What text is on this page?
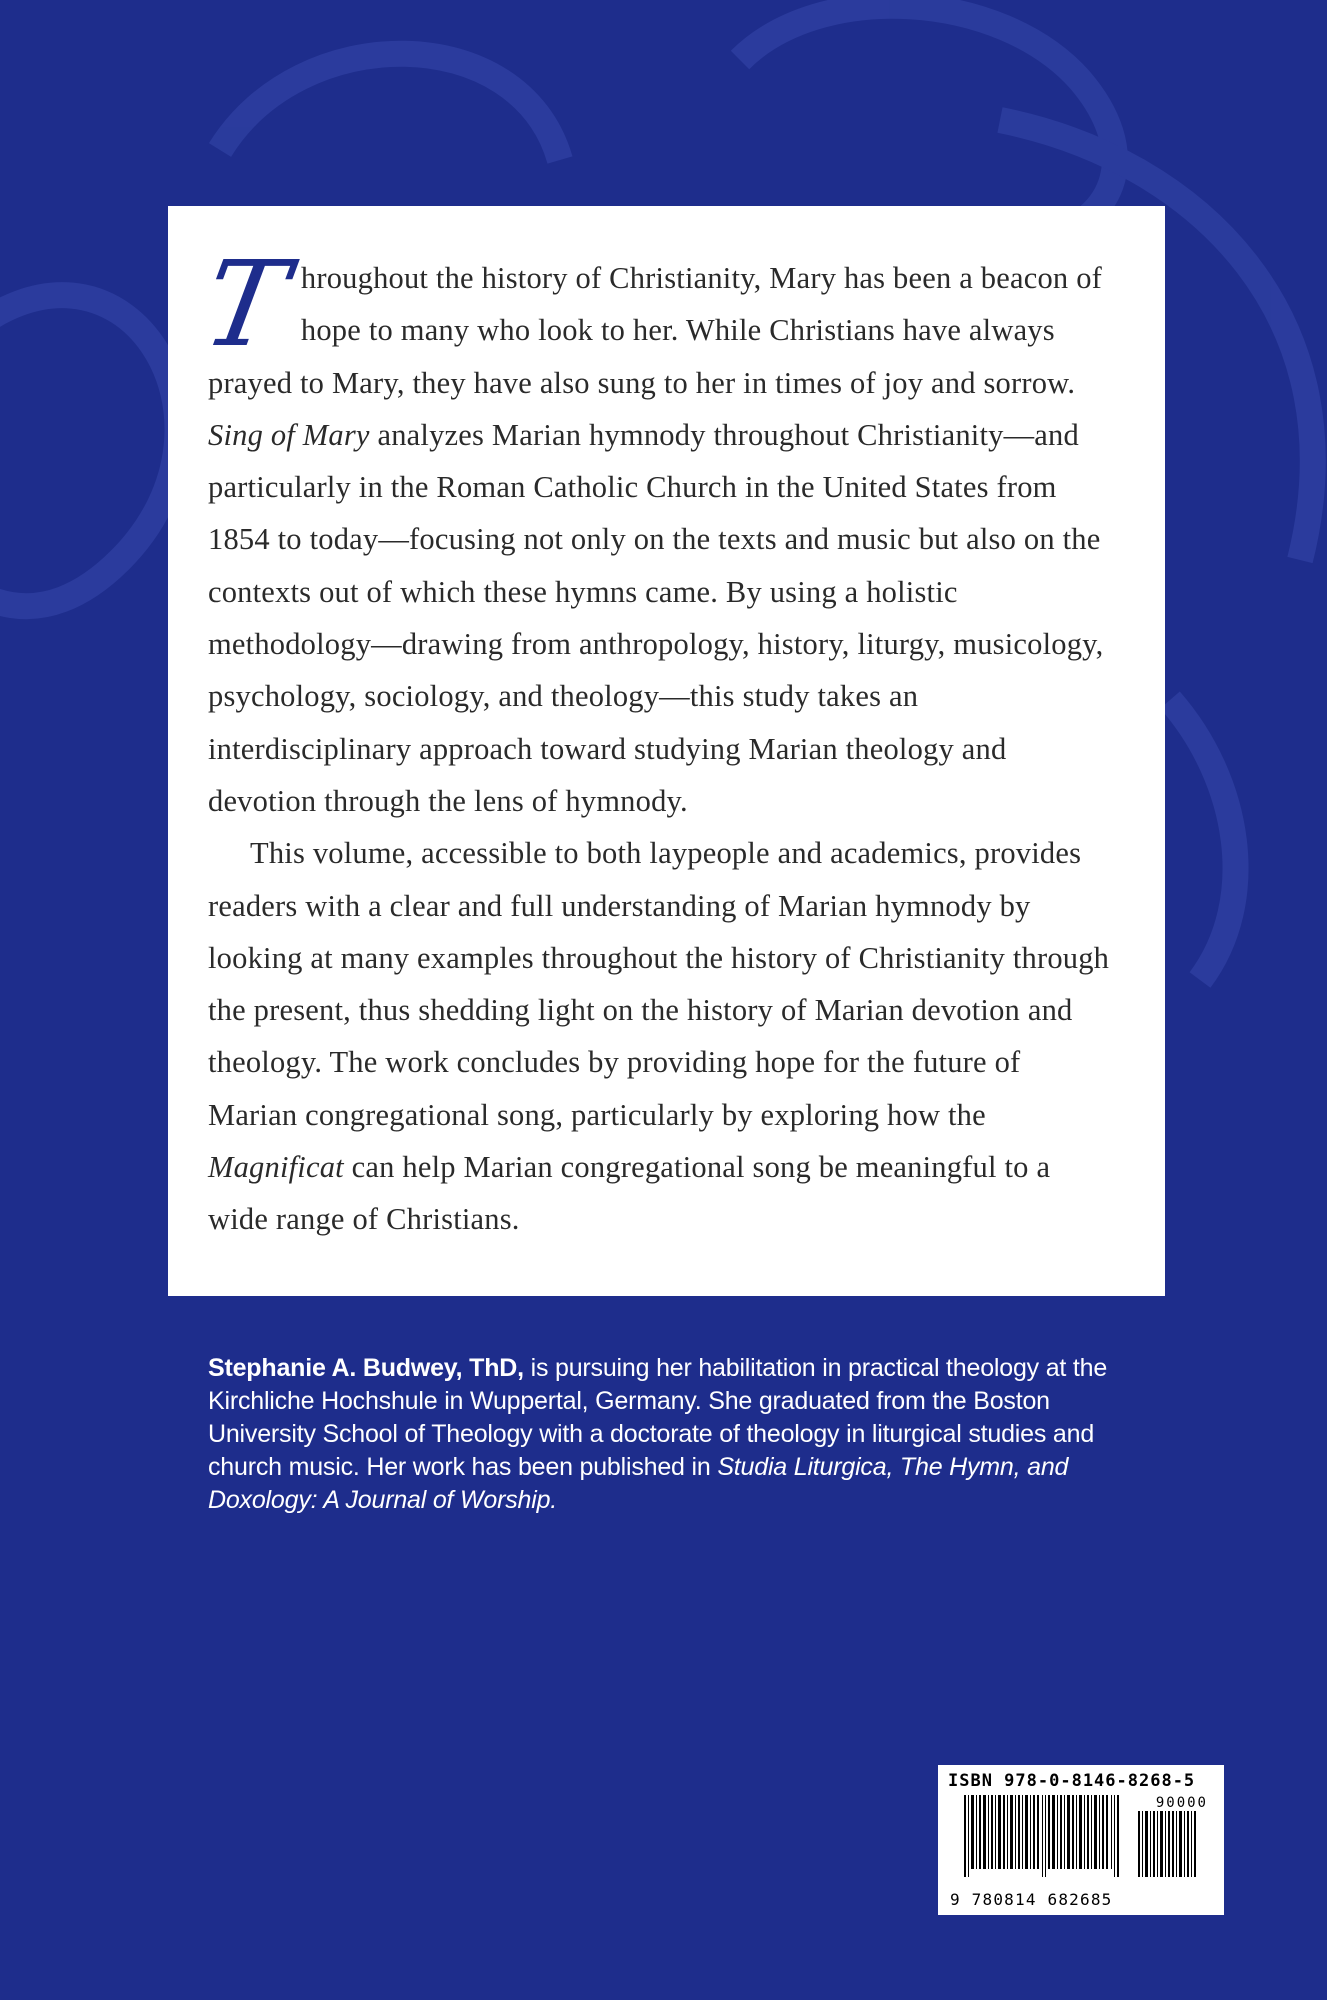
Throughout the history of Christianity, Mary has been a beacon of hope to many who look to her. While Christians have always prayed to Mary, they have also sung to her in times of joy and sorrow. Sing of Mary analyzes Marian hymnody throughout Christianity—and particularly in the Roman Catholic Church in the United States from 1854 to today—focusing not only on the texts and music but also on the contexts out of which these hymns came. By using a holistic methodology—drawing from anthropology, history, liturgy, musicology, psychology, sociology, and theology—this study takes an interdisciplinary approach toward studying Marian theology and devotion through the lens of hymnody.

This volume, accessible to both laypeople and academics, provides readers with a clear and full understanding of Marian hymnody by looking at many examples throughout the history of Christianity through the present, thus shedding light on the history of Marian devotion and theology. The work concludes by providing hope for the future of Marian congregational song, particularly by exploring how the Magnificat can help Marian congregational song be meaningful to a wide range of Christians.

Stephanie A. Budwey, ThD, is pursuing her habilitation in practical theology at the Kirchliche Hochshule in Wuppertal, Germany. She graduated from the Boston University School of Theology with a doctorate of theology in liturgical studies and church music. Her work has been published in Studia Liturgica, The Hymn, and Doxology: A Journal of Worship.
ISBN 978-0-8146-8268-5
90000
9 780814 682685
